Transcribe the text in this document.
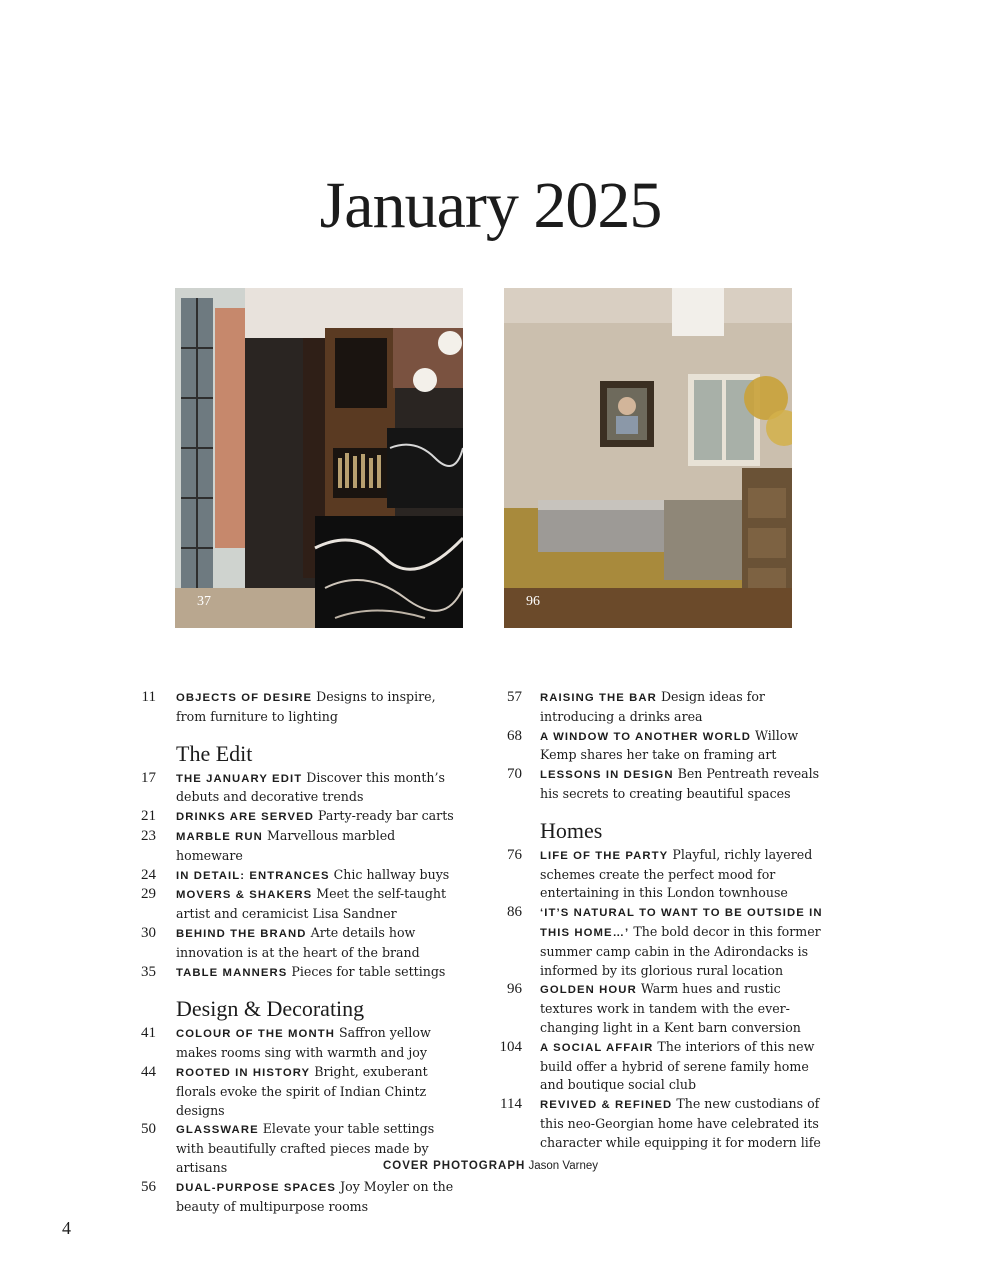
January 2025
37	96
11 OBJECTS OF DESIRE Designs to inspire, from furniture to lighting
The Edit
17 THE JANUARY EDIT Discover this month’s debuts and decorative trends
21 DRINKS ARE SERVED Party-ready bar carts
23 MARBLE RUN Marvellous marbled homeware
24 IN DETAIL: ENTRANCES Chic hallway buys
29 MOVERS & SHAKERS Meet the self-taught artist and ceramicist Lisa Sandner
30 BEHIND THE BRAND Arte details how innovation is at the heart of the brand
35 TABLE MANNERS Pieces for table settings
Design & Decorating
41 COLOUR OF THE MONTH Saffron yellow makes rooms sing with warmth and joy
44 ROOTED IN HISTORY Bright, exuberant florals evoke the spirit of Indian Chintz designs
50 GLASSWARE Elevate your table settings with beautifully crafted pieces made by artisans
56 DUAL-PURPOSE SPACES Joy Moyler on the beauty of multipurpose rooms
57 RAISING THE BAR Design ideas for introducing a drinks area
68 A WINDOW TO ANOTHER WORLD Willow Kemp shares her take on framing art
70 LESSONS IN DESIGN Ben Pentreath reveals his secrets to creating beautiful spaces
Homes
76 LIFE OF THE PARTY Playful, richly layered schemes create the perfect mood for entertaining in this London townhouse
86 ‘IT’S NATURAL TO WANT TO BE OUTSIDE IN THIS HOME…’ The bold decor in this former summer camp cabin in the Adirondacks is informed by its glorious rural location
96 GOLDEN HOUR Warm hues and rustic textures work in tandem with the ever-changing light in a Kent barn conversion
104 A SOCIAL AFFAIR The interiors of this new build offer a hybrid of serene family home and boutique social club
114 REVIVED & REFINED The new custodians of this neo-Georgian home have celebrated its character while equipping it for modern life
COVER PHOTOGRAPH Jason Varney
4
